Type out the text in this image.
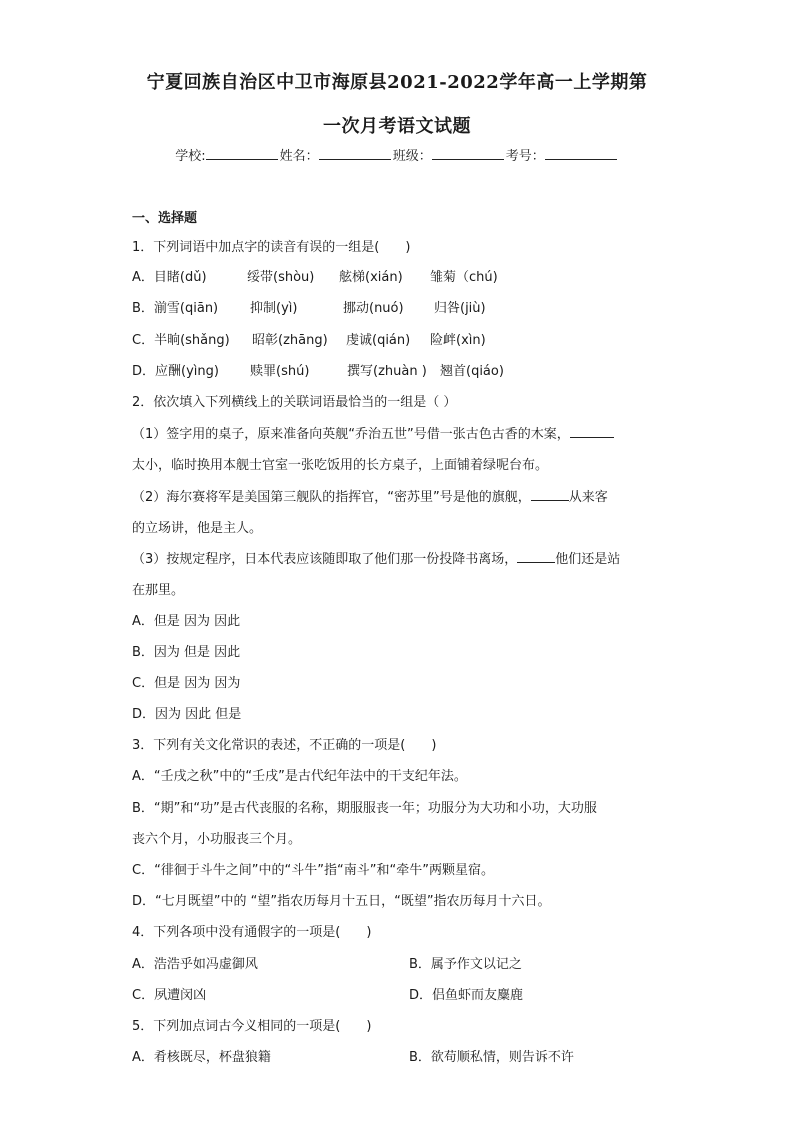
宁夏回族自治区中卫市海原县2021-2022学年高一上学期第
一次月考语文试题
学校:	姓名：	班级：	考号：
一、选择题
1．下列词语中加点字的读音有误的一组是(　　)
A．目睹(dǔ)	绥带(shòu) 舷梯(xián) 雏菊（chú)
B．湔雪(qiān) 抑制(yì)	挪动(nuó) 归咎(jiù)
C．半晌(shǎng) 昭彰(zhāng) 虔诚(qián) 险衅(xìn)
D．应酬(yìng) 赎罪(shú)	撰写(zhuàn ) 翘首(qiáo)
2．依次填入下列横线上的关联词语最恰当的一组是（ ）
（1）签字用的桌子，原来准备向英舰“乔治五世”号借一张古色古香的木案，
太小，临时换用本舰士官室一张吃饭用的长方桌子，上面铺着绿呢台布。
（2）海尔赛将军是美国第三舰队的指挥官，“密苏里”号是他的旗舰，	从来客
的立场讲，他是主人。
（3）按规定程序，日本代表应该随即取了他们那一份投降书离场，	他们还是站
在那里。
A．但是 因为 因此
B．因为 但是 因此
C．但是 因为 因为
D．因为 因此 但是
3．下列有关文化常识的表述，不正确的一项是(　　)
A．“壬戌之秋”中的“壬戌”是古代纪年法中的干支纪年法。
B．“期”和“功”是古代丧服的名称，期服服丧一年；功服分为大功和小功，大功服
丧六个月，小功服丧三个月。
C．“徘徊于斗牛之间”中的“斗牛”指“南斗”和“牵牛”两颗星宿。
D．“七月既望”中的 “望”指农历每月十五日，“既望”指农历每月十六日。
4．下列各项中没有通假字的一项是(　　)
A．浩浩乎如冯虚御风	B．属予作文以记之
C．夙遭闵凶	D．侣鱼虾而友麋鹿
5．下列加点词古今义相同的一项是(　　)
A．肴核既尽，杯盘狼籍	B．欲苟顺私情，则告诉不许
